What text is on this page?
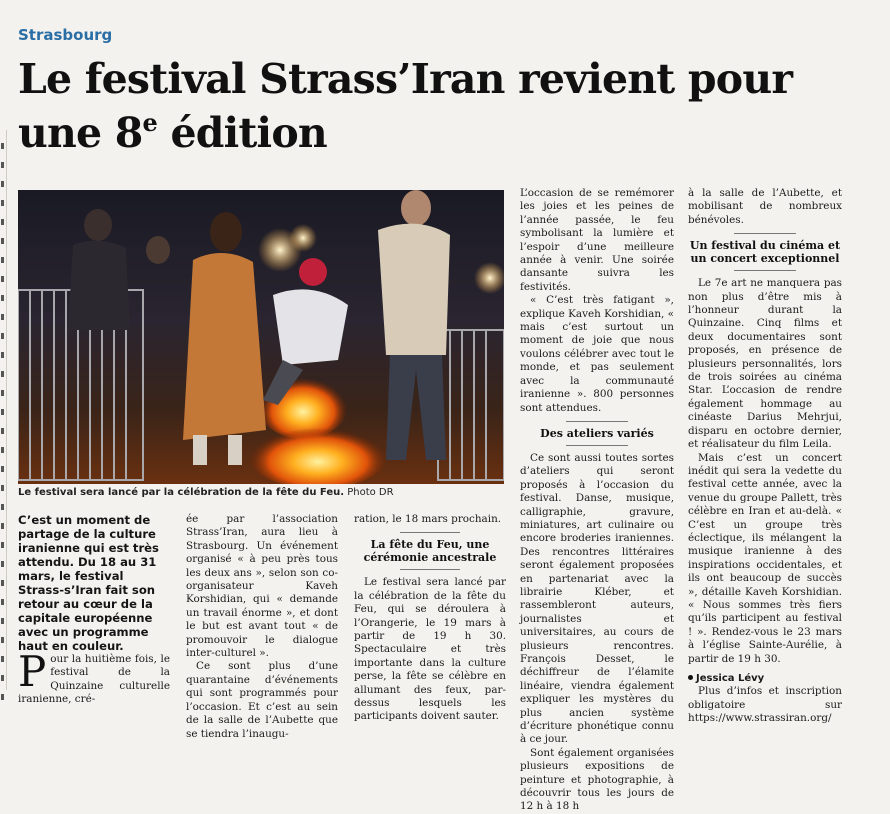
Strasbourg
Le festival Strass’Iran revient pour
une 8e édition
Le festival sera lancé par la célébration de la fête du Feu. Photo DR
C’est un moment de partage de la culture iranienne qui est très attendu. Du 18 au 31 mars, le festival Strass-s’Iran fait son retour au cœur de la capitale européenne avec un programme haut en couleur.
Pour la huitième fois, le festival de la Quinzaine culturelle iranienne, cré-

ée par l’association Strass’Iran, aura lieu à Strasbourg. Un événement organisé « à peu près tous les deux ans », selon son co-organisateur Kaveh Korshidian, qui « demande un travail énorme », et dont le but est avant tout « de promouvoir le dialogue inter-culturel ».

Ce sont plus d’une quarantaine d’événements qui sont programmés pour l’occasion. Et c’est au sein de la salle de l’Aubette que se tiendra l’inaugu-

ration, le 18 mars prochain.

La fête du Feu, une cérémonie ancestrale

Le festival sera lancé par la célébration de la fête du Feu, qui se déroulera à l’Orangerie, le 19 mars à partir de 19 h 30. Spectaculaire et très importante dans la culture perse, la fête se célèbre en allumant des feux, par-dessus lesquels les participants doivent sauter.

L’occasion de se remémorer les joies et les peines de l’année passée, le feu symbolisant la lumière et l’espoir d’une meilleure année à venir. Une soirée dansante suivra les festivités.

« C’est très fatigant », explique Kaveh Korshidian, « mais c’est surtout un moment de joie que nous voulons célébrer avec tout le monde, et pas seulement avec la communauté iranienne ». 800 personnes sont attendues.

Des ateliers variés

Ce sont aussi toutes sortes d’ateliers qui seront proposés à l’occasion du festival. Danse, musique, calligraphie, gravure, miniatures, art culinaire ou encore broderies iraniennes. Des rencontres littéraires seront également proposées en partenariat avec la librairie Kléber, et rassembleront auteurs, journalistes et universitaires, au cours de plusieurs rencontres. François Desset, le déchiffreur de l’élamite linéaire, viendra également expliquer les mystères du plus ancien système d’écriture phonétique connu à ce jour.

Sont également organisées plusieurs expositions de peinture et photographie, à découvrir tous les jours de 12 h à 18 h

à la salle de l’Aubette, et mobilisant de nombreux bénévoles.

Un festival du cinéma et un concert exceptionnel

Le 7e art ne manquera pas non plus d’être mis à l’honneur durant la Quinzaine. Cinq films et deux documentaires sont proposés, en présence de plusieurs personnalités, lors de trois soirées au cinéma Star. L’occasion de rendre également hommage au cinéaste Darius Mehrjui, disparu en octobre dernier, et réalisateur du film Leila.

Mais c’est un concert inédit qui sera la vedette du festival cette année, avec la venue du groupe Pallett, très célèbre en Iran et au-delà. « C’est un groupe très éclectique, ils mélangent la musique iranienne à des inspirations occidentales, et ils ont beaucoup de succès », détaille Kaveh Korshidian. « Nous sommes très fiers qu’ils participent au festival ! ». Rendez-vous le 23 mars à l’église Sainte-Aurélie, à partir de 19 h 30.

Jessica Lévy

Plus d’infos et inscription obligatoire sur https://www.strassiran.org/
